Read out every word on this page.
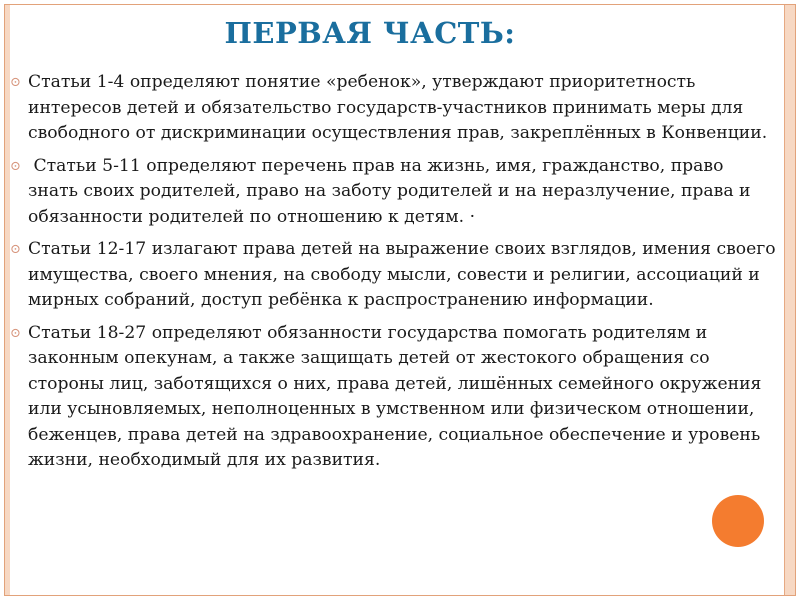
ПЕРВАЯ ЧАСТЬ:

⊙ Статьи 1-4 определяют понятие «ребенок», утверждают приоритетность интересов детей и обязательство государств-участников принимать меры для свободного от дискриминации осуществления прав, закреплённых в Конвенции.

⊙ Статьи 5-11 определяют перечень прав на жизнь, имя, гражданство, право знать своих родителей, право на заботу родителей и на неразлучение, права и обязанности родителей по отношению к детям. ·

⊙ Статьи 12-17 излагают права детей на выражение своих взглядов, имения своего имущества, своего мнения, на свободу мысли, совести и религии, ассоциаций и мирных собраний, доступ ребёнка к распространению информации.

⊙ Статьи 18-27 определяют обязанности государства помогать родителям и законным опекунам, а также защищать детей от жестокого обращения со стороны лиц, заботящихся о них, права детей, лишённых семейного окружения или усыновляемых, неполноценных в умственном или физическом отношении, беженцев, права детей на здравоохранение, социальное обеспечение и уровень жизни, необходимый для их развития.
